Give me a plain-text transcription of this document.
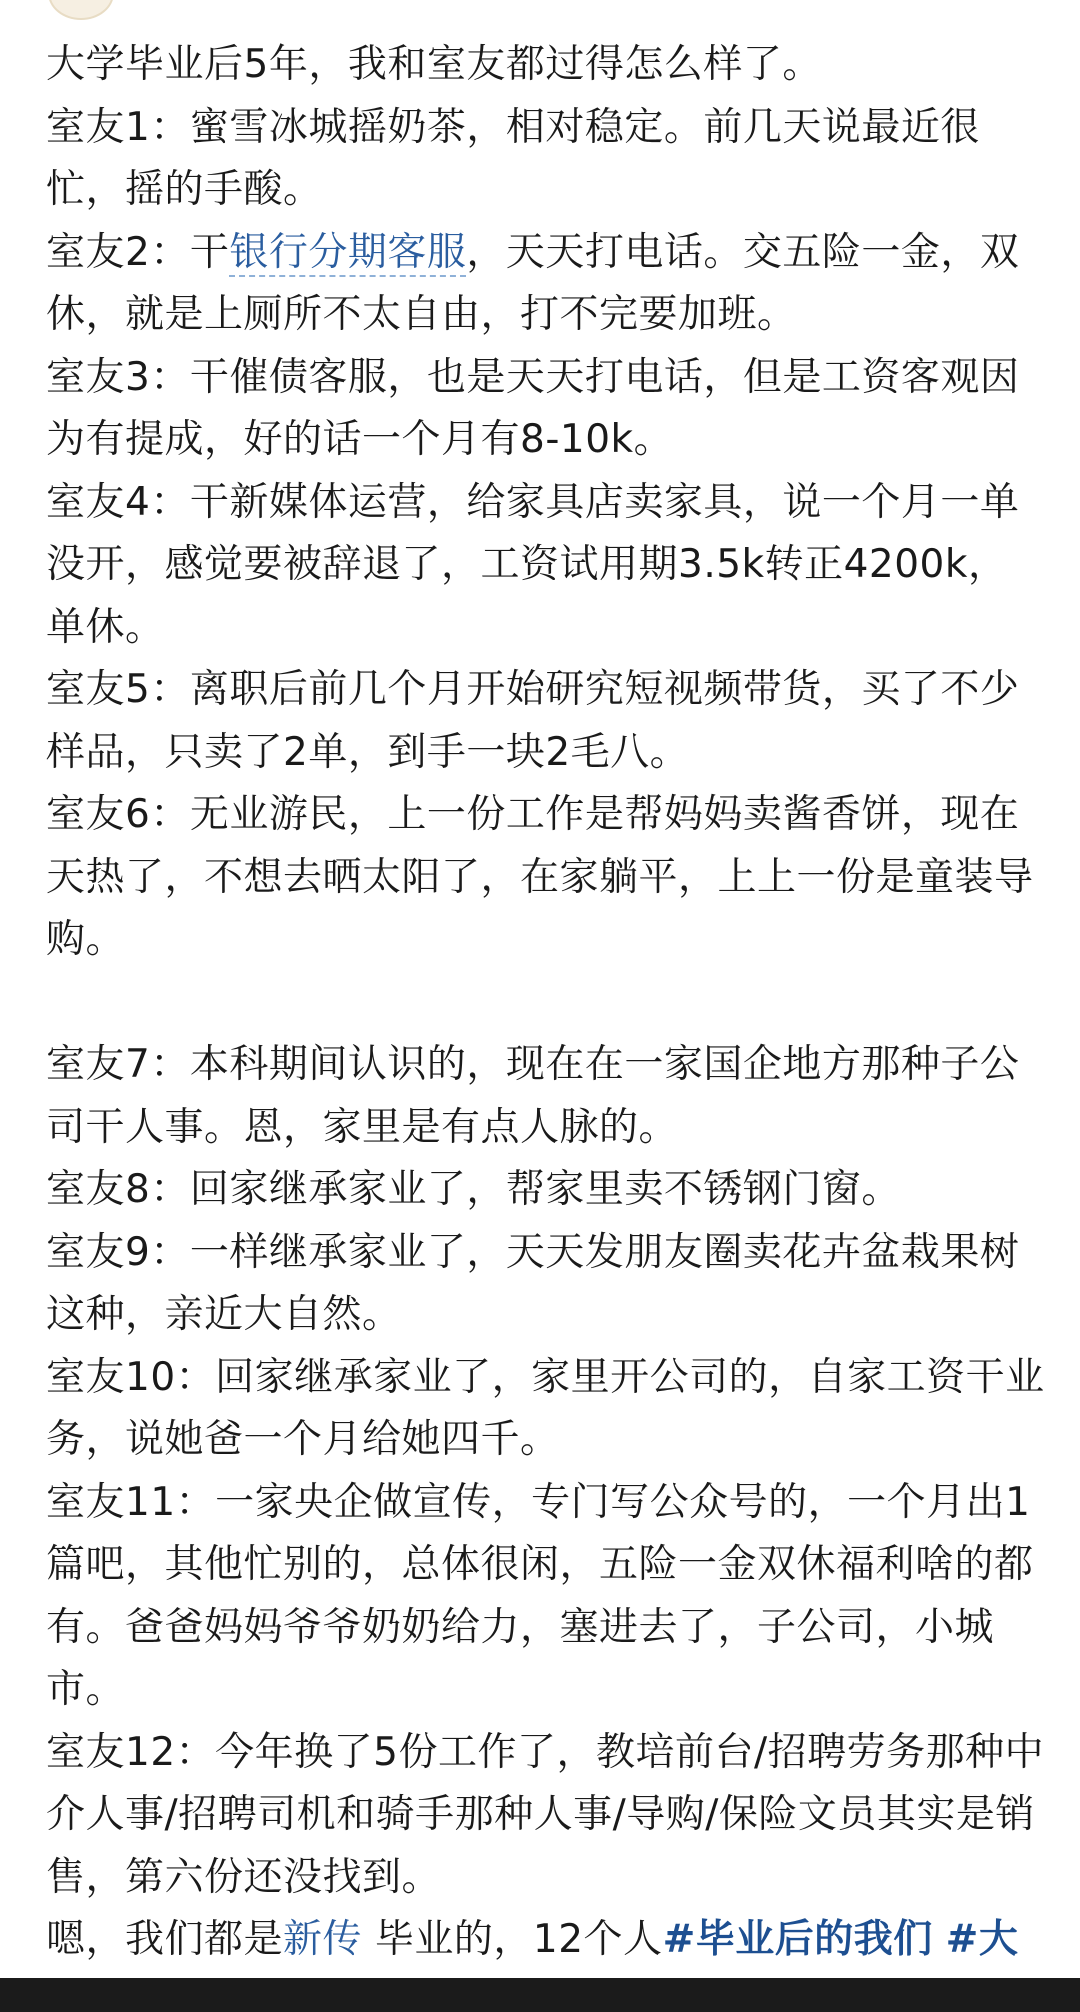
大学毕业后5年，我和室友都过得怎么样了。

室友1：蜜雪冰城摇奶茶，相对稳定。前几天说最近很忙，摇的手酸。

室友2：干银行分期客服，天天打电话。交五险一金，双休，就是上厕所不太自由，打不完要加班。

室友3：干催债客服，也是天天打电话，但是工资客观因为有提成，好的话一个月有8-10k。

室友4：干新媒体运营，给家具店卖家具，说一个月一单没开，感觉要被辞退了，工资试用期3.5k转正4200k，单休。

室友5：离职后前几个月开始研究短视频带货，买了不少样品，只卖了2单，到手一块2毛八。

室友6：无业游民，上一份工作是帮妈妈卖酱香饼，现在天热了，不想去晒太阳了，在家躺平，上上一份是童装导购。

室友7：本科期间认识的，现在在一家国企地方那种子公司干人事。恩，家里是有点人脉的。

室友8：回家继承家业了，帮家里卖不锈钢门窗。

室友9：一样继承家业了，天天发朋友圈卖花卉盆栽果树这种，亲近大自然。

室友10：回家继承家业了，家里开公司的，自家工资干业务，说她爸一个月给她四千。

室友11：一家央企做宣传，专门写公众号的，一个月出1篇吧，其他忙别的，总体很闲，五险一金双休福利啥的都有。爸爸妈妈爷爷奶奶给力，塞进去了，子公司，小城市。

室友12：今年换了5份工作了，教培前台/招聘劳务那种中介人事/招聘司机和骑手那种人事/导购/保险文员其实是销售，第六份还没找到。

嗯，我们都是新传 毕业的，12个人#毕业后的我们 #大
